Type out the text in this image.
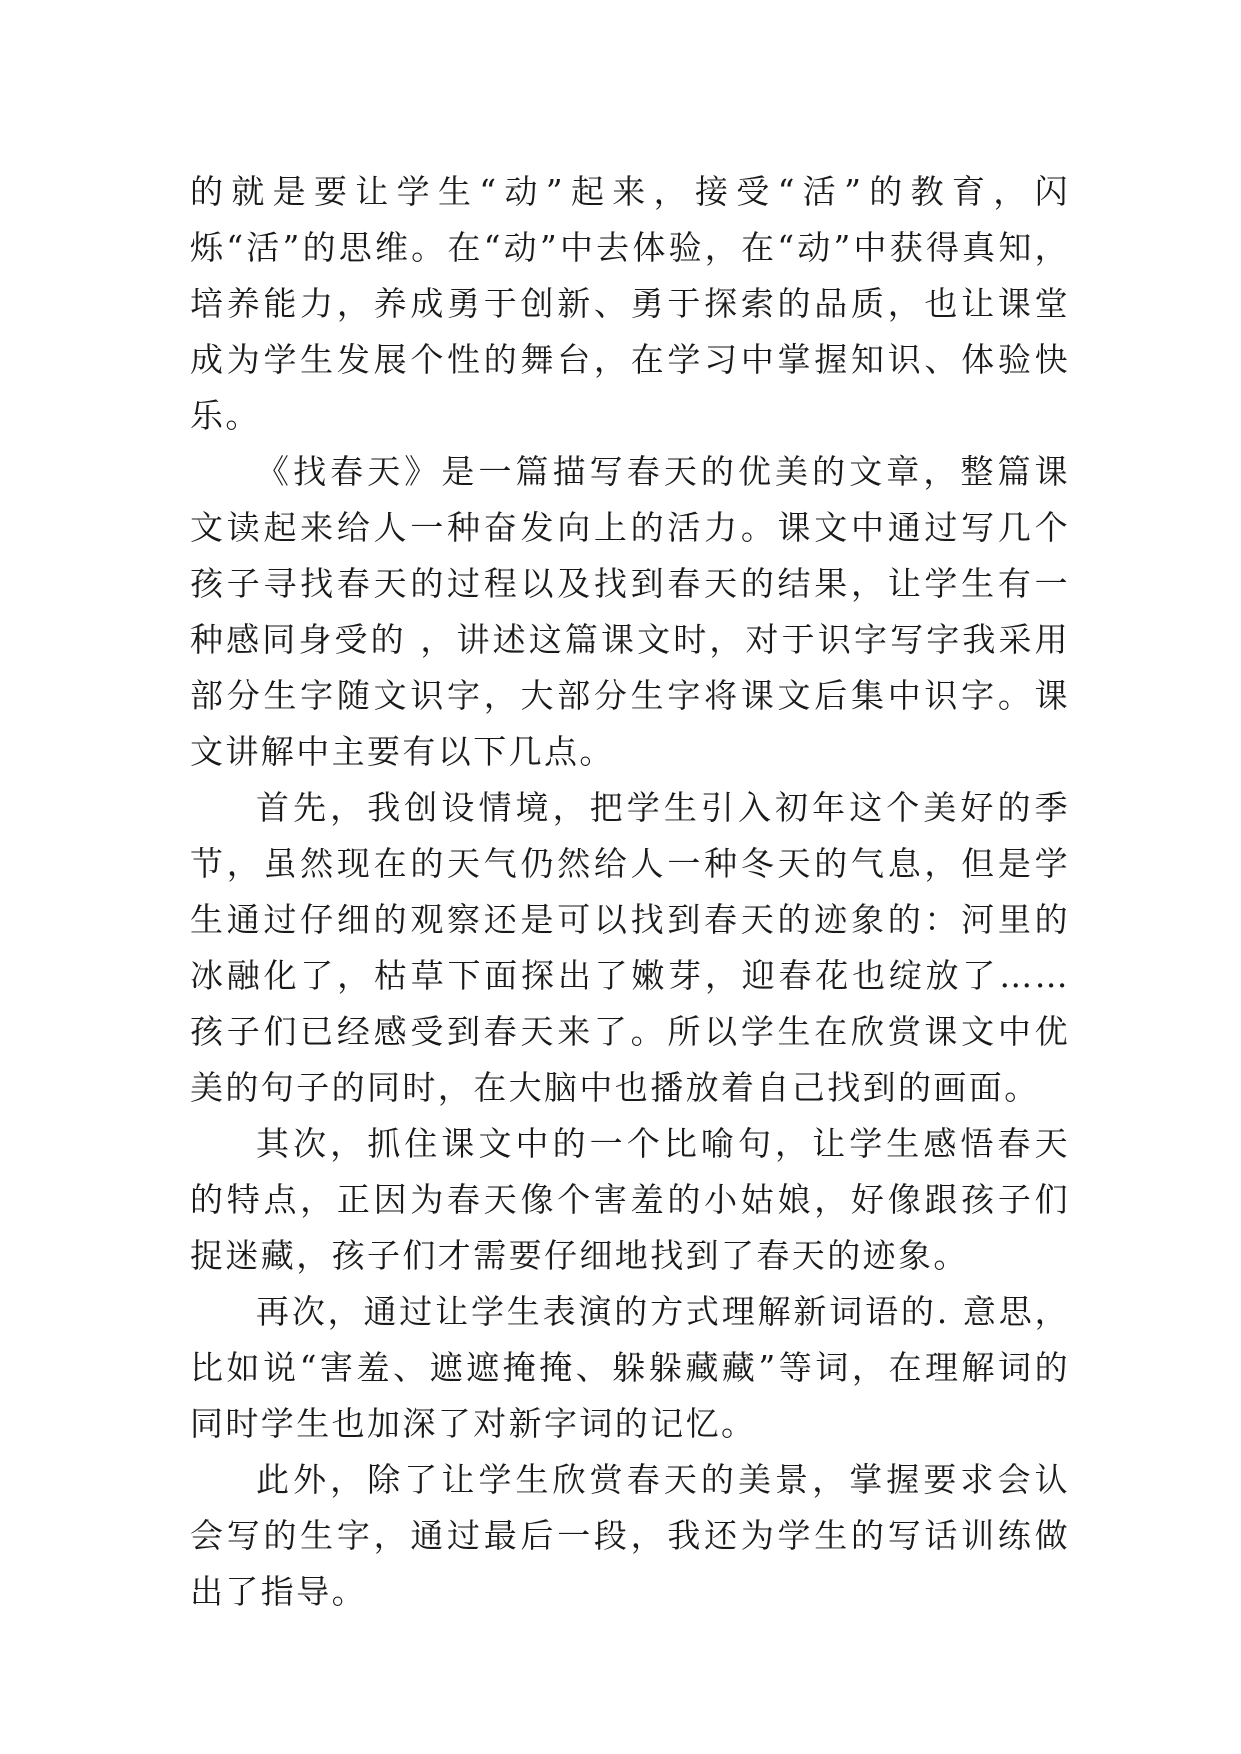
的就是要让学生“动”起来，接受“活”的教育，闪烁“活”的思维。在“动”中去体验，在“动”中获得真知，培养能力，养成勇于创新、勇于探索的品质，也让课堂成为学生发展个性的舞台，在学习中掌握知识、体验快乐。

《找春天》是一篇描写春天的优美的文章，整篇课文读起来给人一种奋发向上的活力。课文中通过写几个孩子寻找春天的过程以及找到春天的结果，让学生有一种感同身受的 ，讲述这篇课文时，对于识字写字我采用部分生字随文识字，大部分生字将课文后集中识字。课文讲解中主要有以下几点。

首先，我创设情境，把学生引入初年这个美好的季节，虽然现在的天气仍然给人一种冬天的气息，但是学生通过仔细的观察还是可以找到春天的迹象的：河里的冰融化了，枯草下面探出了嫩芽，迎春花也绽放了……孩子们已经感受到春天来了。所以学生在欣赏课文中优美的句子的同时，在大脑中也播放着自己找到的画面。

其次，抓住课文中的一个比喻句，让学生感悟春天的特点，正因为春天像个害羞的小姑娘，好像跟孩子们捉迷藏，孩子们才需要仔细地找到了春天的迹象。

再次，通过让学生表演的方式理解新词语的. 意思，比如说“害羞、遮遮掩掩、躲躲藏藏”等词，在理解词的同时学生也加深了对新字词的记忆。

此外，除了让学生欣赏春天的美景，掌握要求会认会写的生字，通过最后一段，我还为学生的写话训练做出了指导。
